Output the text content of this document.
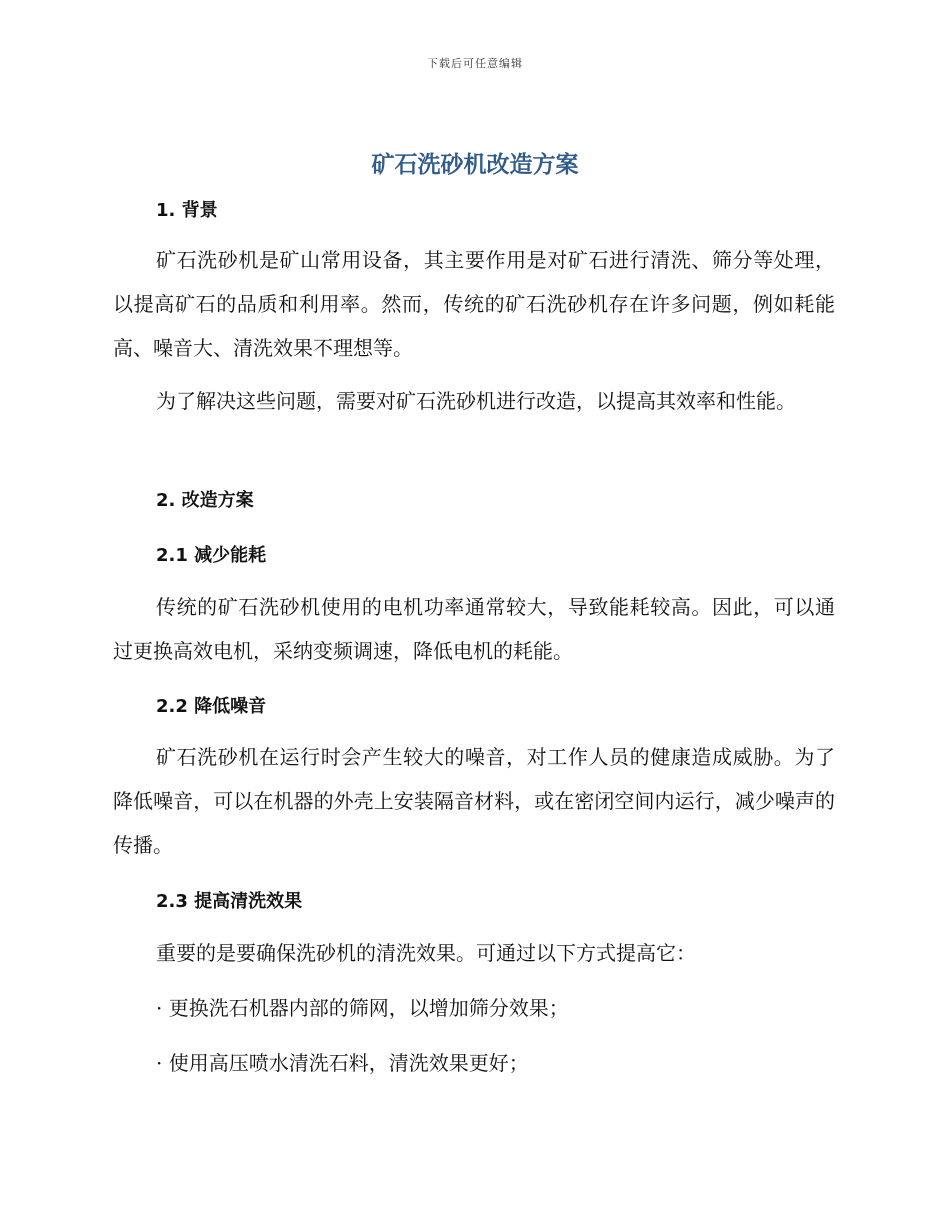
下载后可任意编辑
矿石洗砂机改造方案
1. 背景

矿石洗砂机是矿山常用设备，其主要作用是对矿石进行清洗、筛分等处理，以提高矿石的品质和利用率。然而，传统的矿石洗砂机存在许多问题，例如耗能高、噪音大、清洗效果不理想等。

为了解决这些问题，需要对矿石洗砂机进行改造，以提高其效率和性能。

2. 改造方案
2.1 减少能耗

传统的矿石洗砂机使用的电机功率通常较大，导致能耗较高。因此，可以通过更换高效电机，采纳变频调速，降低电机的耗能。

2.2 降低噪音

矿石洗砂机在运行时会产生较大的噪音，对工作人员的健康造成威胁。为了降低噪音，可以在机器的外壳上安装隔音材料，或在密闭空间内运行，减少噪声的传播。

2.3 提高清洗效果

重要的是要确保洗砂机的清洗效果。可通过以下方式提高它：

· 更换洗石机器内部的筛网，以增加筛分效果；

· 使用高压喷水清洗石料，清洗效果更好；
